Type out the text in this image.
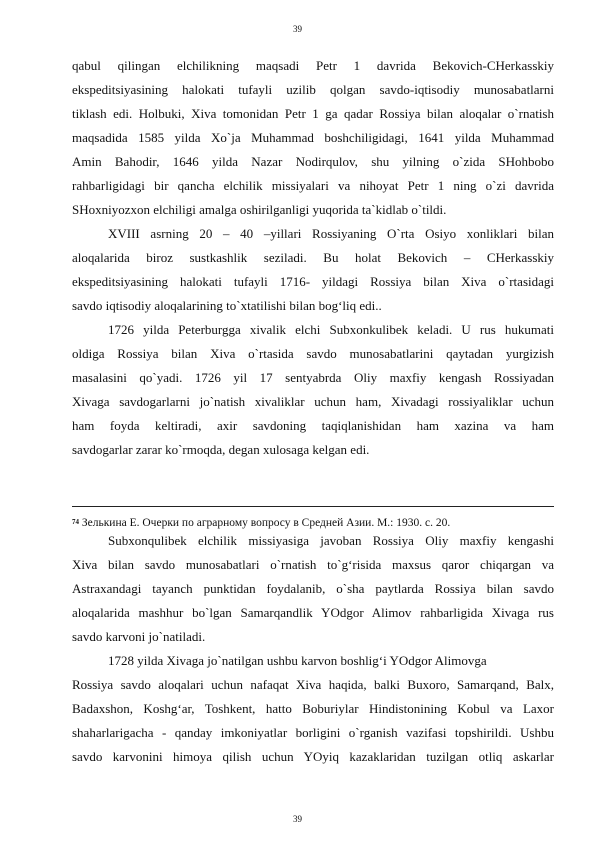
39
qabul qilingan elchilikning maqsadi Petr 1 davrida Bekovich-CHerkasskiy
ekspeditsiyasining halokati tufayli uzilib qolgan savdo-iqtisodiy munosabatlarni
tiklash edi. Holbuki, Xiva tomonidan Petr 1 ga qadar Rossiya bilan aloqalar o`rnatish
maqsadida 1585 yilda Xo`ja Muhammad boshchiligidagi, 1641 yilda Muhammad
Amin Bahodir, 1646 yilda Nazar Nodirqulov, shu yilning o`zida SHohbobo
rahbarligidagi bir qancha elchilik missiyalari va nihoyat Petr 1 ning o`zi davrida
SHoxniyozxon elchiligi amalga oshirilganligi yuqorida ta`kidlab o`tildi.
XVIII asrning 20 – 40 –yillari Rossiyaning O`rta Osiyo xonliklari bilan
aloqalarida biroz sustkashlik seziladi. Bu holat Bekovich – CHerkasskiy
ekspeditsiyasining halokati tufayli 1716- yildagi Rossiya bilan Xiva o`rtasidagi
savdo iqtisodiy aloqalarining to`xtatilishi bilan bog‘liq edi..
1726 yilda Peterburgga xivalik elchi Subxonkulibek keladi. U rus hukumati
oldiga Rossiya bilan Xiva o`rtasida savdo munosabatlarini qaytadan yurgizish
masalasini qo`yadi. 1726 yil 17 sentyabrda Oliy maxfiy kengash Rossiyadan
Xivaga savdogarlarni jo`natish xivaliklar uchun ham, Xivadagi rossiyaliklar uchun
ham foyda keltiradi, axir savdoning taqiqlanishidan ham xazina va ham
savdogarlar zarar ko`rmoqda, degan xulosaga kelgan edi.
$^{74}$ Зелькина Е. Очерки по аграрному вопросу в Средней Азии. М.: 1930. с. 20.
Subxonqulibek elchilik missiyasiga javoban Rossiya Oliy maxfiy kengashi
Xiva bilan savdo munosabatlari o`rnatish to`g‘risida maxsus qaror chiqargan va
Astraxandagi tayanch punktidan foydalanib, o`sha paytlarda Rossiya bilan savdo
aloqalarida mashhur bo`lgan Samarqandlik YOdgor Alimov rahbarligida Xivaga rus
savdo karvoni jo`natiladi.
1728 yilda Xivaga jo`natilgan ushbu karvon boshlig‘i YOdgor Alimovga
Rossiya savdo aloqalari uchun nafaqat Xiva haqida, balki Buxoro, Samarqand, Balx,
Badaxshon, Koshg‘ar, Toshkent, hatto Boburiylar Hindistonining Kobul va Laxor
shaharlarigacha - qanday imkoniyatlar borligini o`rganish vazifasi topshirildi. Ushbu
savdo karvonini himoya qilish uchun YOyiq kazaklaridan tuzilgan otliq askarlar
39
